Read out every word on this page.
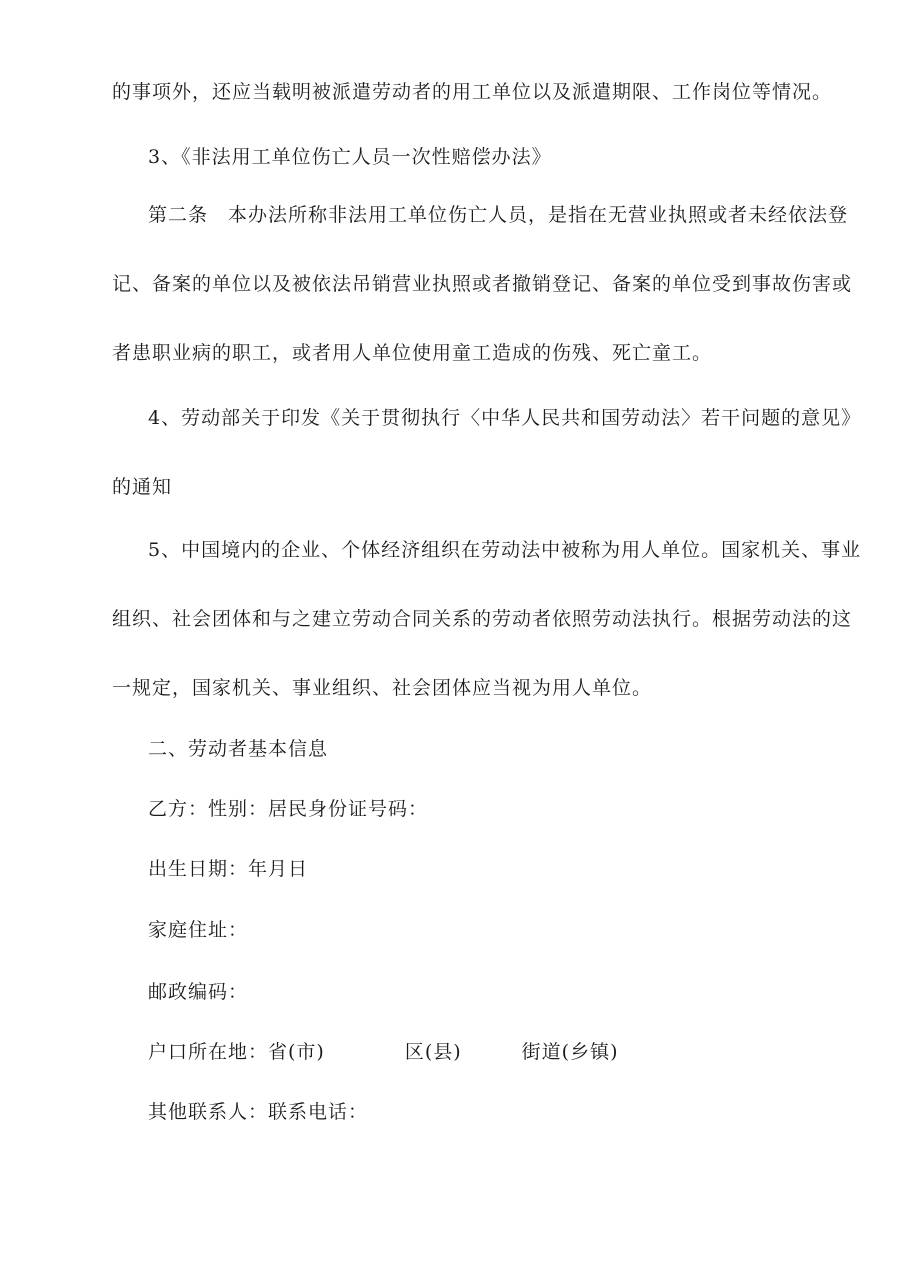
的事项外，还应当载明被派遣劳动者的用工单位以及派遣期限、工作岗位等情况。
3、《非法用工单位伤亡人员一次性赔偿办法》
第二条　本办法所称非法用工单位伤亡人员，是指在无营业执照或者未经依法登
记、备案的单位以及被依法吊销营业执照或者撤销登记、备案的单位受到事故伤害或
者患职业病的职工，或者用人单位使用童工造成的伤残、死亡童工。
4、劳动部关于印发《关于贯彻执行〈中华人民共和国劳动法〉若干问题的意见》
的通知
5、中国境内的企业、个体经济组织在劳动法中被称为用人单位。国家机关、事业
组织、社会团体和与之建立劳动合同关系的劳动者依照劳动法执行。根据劳动法的这
一规定，国家机关、事业组织、社会团体应当视为用人单位。
二、劳动者基本信息
乙方：性别：居民身份证号码：
出生日期：年月日
家庭住址：
邮政编码：
户口所在地：省(市)　　　　区(县)　　　街道(乡镇)
其他联系人：联系电话：
